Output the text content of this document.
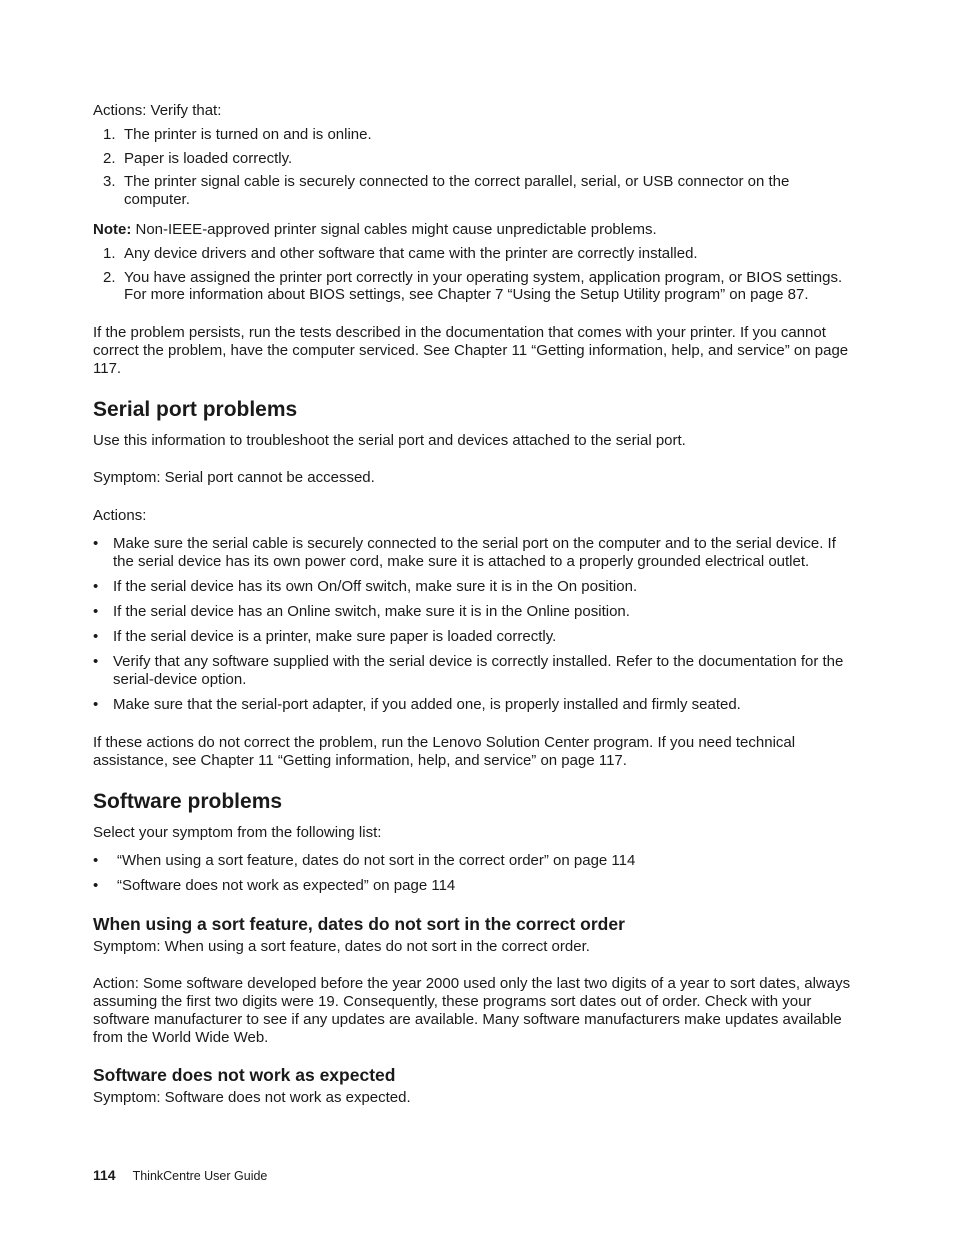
Actions: Verify that:

1. The printer is turned on and is online.
2. Paper is loaded correctly.
3. The printer signal cable is securely connected to the correct parallel, serial, or USB connector on the computer.

Note: Non-IEEE-approved printer signal cables might cause unpredictable problems.

1. Any device drivers and other software that came with the printer are correctly installed.
2. You have assigned the printer port correctly in your operating system, application program, or BIOS settings. For more information about BIOS settings, see Chapter 7 “Using the Setup Utility program” on page 87.

If the problem persists, run the tests described in the documentation that comes with your printer. If you cannot correct the problem, have the computer serviced. See Chapter 11 “Getting information, help, and service” on page 117.

Serial port problems

Use this information to troubleshoot the serial port and devices attached to the serial port.

Symptom: Serial port cannot be accessed.

Actions:

• Make sure the serial cable is securely connected to the serial port on the computer and to the serial device. If the serial device has its own power cord, make sure it is attached to a properly grounded electrical outlet.
• If the serial device has its own On/Off switch, make sure it is in the On position.
• If the serial device has an Online switch, make sure it is in the Online position.
• If the serial device is a printer, make sure paper is loaded correctly.
• Verify that any software supplied with the serial device is correctly installed. Refer to the documentation for the serial-device option.
• Make sure that the serial-port adapter, if you added one, is properly installed and firmly seated.

If these actions do not correct the problem, run the Lenovo Solution Center program. If you need technical assistance, see Chapter 11 “Getting information, help, and service” on page 117.

Software problems

Select your symptom from the following list:

• “When using a sort feature, dates do not sort in the correct order” on page 114
• “Software does not work as expected” on page 114
When using a sort feature, dates do not sort in the correct order

Symptom: When using a sort feature, dates do not sort in the correct order.

Action: Some software developed before the year 2000 used only the last two digits of a year to sort dates, always assuming the first two digits were 19. Consequently, these programs sort dates out of order. Check with your software manufacturer to see if any updates are available. Many software manufacturers make updates available from the World Wide Web.

Software does not work as expected

Symptom: Software does not work as expected.

114 ThinkCentre User Guide
